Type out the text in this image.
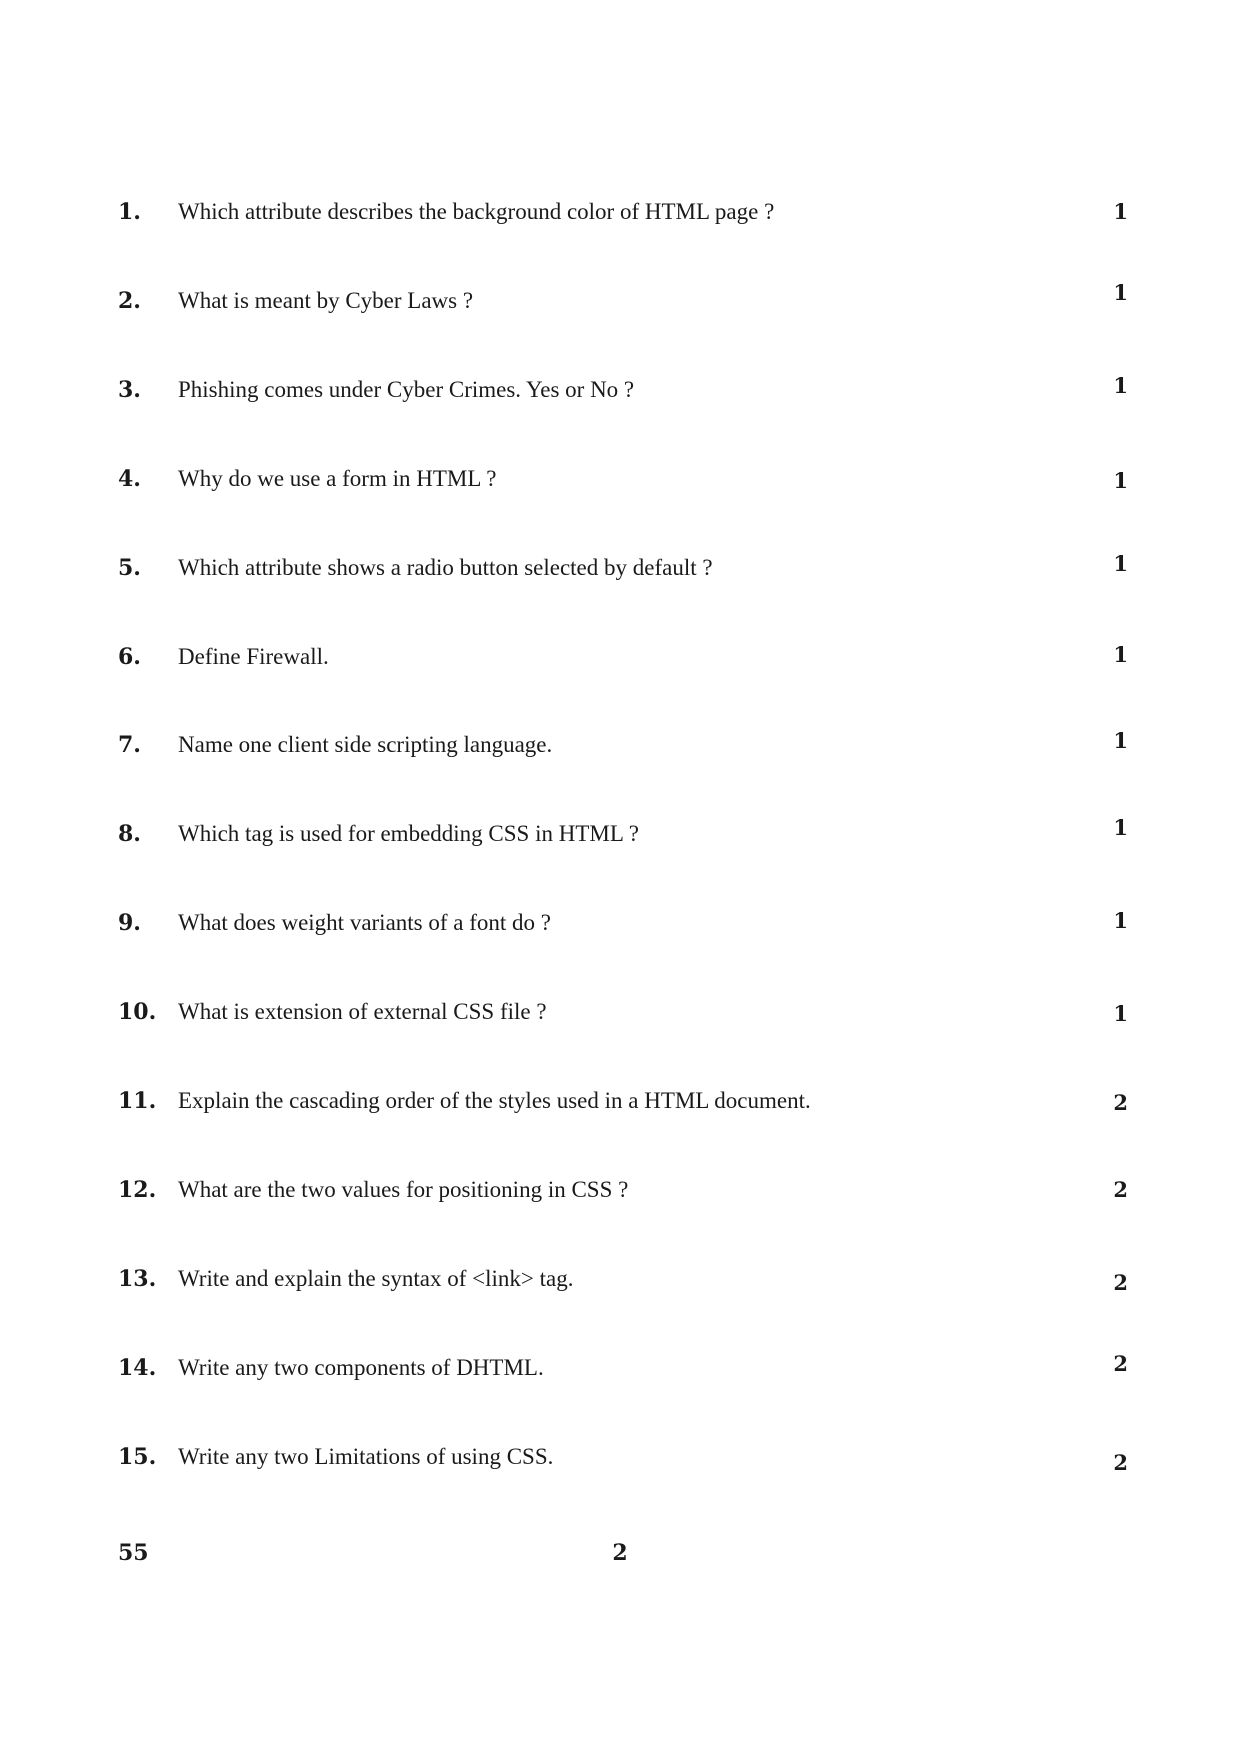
1.	Which attribute describes the background color of HTML page ?	1
2.	What is meant by Cyber Laws ?	1
3.	Phishing comes under Cyber Crimes. Yes or No ?	1
4.	Why do we use a form in HTML ?	1
5.	Which attribute shows a radio button selected by default ?	1
6.	Define Firewall.	1
7.	Name one client side scripting language.	1
8.	Which tag is used for embedding CSS in HTML ?	1
9.	What does weight variants of a font do ?	1
10. What is extension of external CSS file ?	1
11. Explain the cascading order of the styles used in a HTML document.	2
12. What are the two values for positioning in CSS ?	2
13. Write and explain the syntax of <link> tag.	2
14. Write any two components of DHTML.	2
15. Write any two Limitations of using CSS.	2
55	2
